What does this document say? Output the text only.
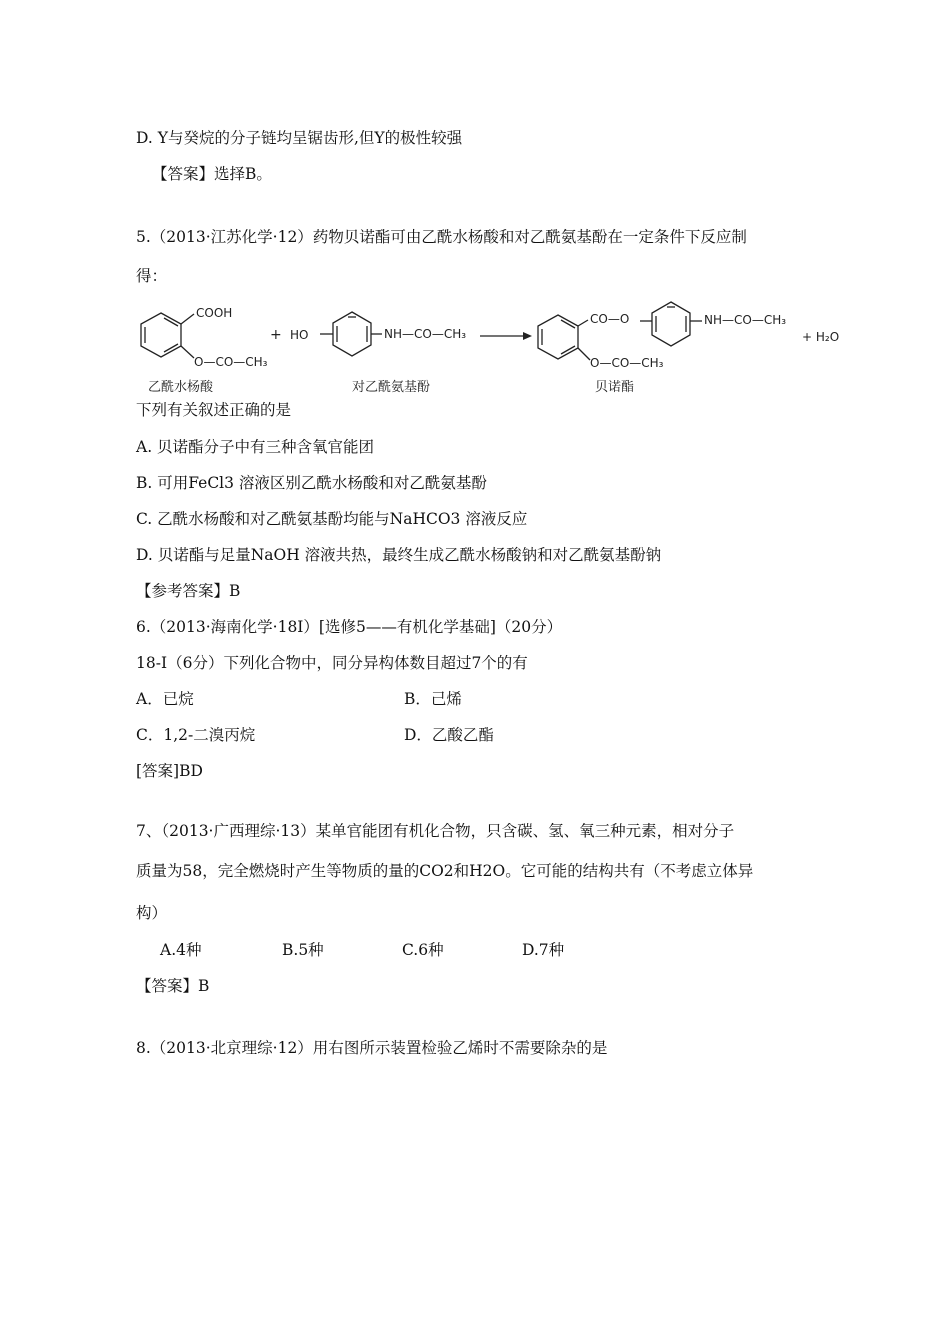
D. Y与癸烷的分子链均呈锯齿形,但Y的极性较强
【答案】选择B。
5.（2013·江苏化学·12）药物贝诺酯可由乙酰水杨酸和对乙酰氨基酚在一定条件下反应制
得：
COOH
O—CO—CH₃
+ HO	NH—CO—CH₃
CO—O	NH—CO—CH₃
O—CO—CH₃
+ H₂O
乙酰水杨酸	对乙酰氨基酚	贝诺酯
下列有关叙述正确的是
A. 贝诺酯分子中有三种含氧官能团
B. 可用FeCl3 溶液区别乙酰水杨酸和对乙酰氨基酚
C. 乙酰水杨酸和对乙酰氨基酚均能与NaHCO3 溶液反应
D. 贝诺酯与足量NaOH 溶液共热，最终生成乙酰水杨酸钠和对乙酰氨基酚钠
【参考答案】B
6.（2013·海南化学·18I）[选修5——有机化学基础]（20分）
18-I（6分）下列化合物中，同分异构体数目超过7个的有
A．已烷	B．己烯
C．1,2-二溴丙烷	D．乙酸乙酯
[答案]BD
7、（2013·广西理综·13）某单官能团有机化合物，只含碳、氢、氧三种元素，相对分子
质量为58，完全燃烧时产生等物质的量的CO2和H2O。它可能的结构共有（不考虑立体异
构）
A.4种	B.5种	C.6种	D.7种
【答案】B
8.（2013·北京理综·12）用右图所示装置检验乙烯时不需要除杂的是
